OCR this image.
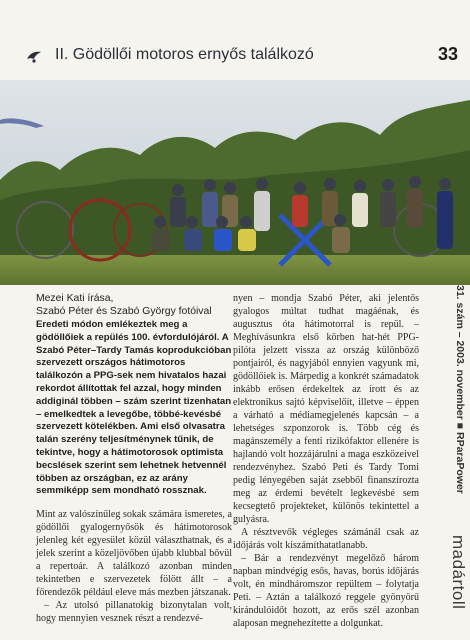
II. Gödöllői motoros ernyős találkozó	33
Mezei Kati írása,
Szabó Péter és Szabó György fotóival
Eredeti módon emlékeztek meg a gödöllőiek a repülés 100. évfordulójáról. A Szabó Péter–Tardy Tamás koprodukcióban szervezett országos hátimotoros találkozón a PPG-sek nem hivatalos hazai rekordot állítottak fel azzal, hogy minden addiginál többen – szám szerint tizenhatan – emelkedtek a levegőbe, többé-kevésbé szervezett kötelékben. Ami első olvasatra talán szerény teljesítménynek tűnik, de tekintve, hogy a hátimotorosok optimista becslések szerint sem lehetnek hetvennél többen az országban, ez az arány semmiképp sem mondható rossznak.

Mint az valószínűleg sokak számára ismeretes, a gödöllői gyalogernyősök és hátimotorosok jelenleg két egyesület közül választhatnak, és a jelek szerint a közeljövőben újabb klubbal bővül a repertoár. A találkozó azonban minden tekintetben e szervezetek fölött állt – a főrendezők például eleve más mezben játszanak.

– Az utolsó pillanatokig bizonytalan volt, hogy mennyien vesznek részt a rendezvé-

nyen – mondja Szabó Péter, aki jelentős gyalogos múltat tudhat magáénak, és augusztus óta hátimotorral is repül. – Meghívásunkra első körben hat-hét PPG-pilóta jelzett vissza az ország különböző pontjairól, és nagyjából ennyien vagyunk mi, gödöllőiek is. Márpedig a konkrét számadatok inkább erősen érdekeltek az írott és az elektronikus sajtó képviselőit, illetve – éppen a várható a médiamegjelenés kapcsán – a lehetséges szponzorok is. Több cég és magánszemély a fenti rizikófaktor ellenére is hajlandó volt hozzájárulni a maga eszközeivel rendezvényhez. Szabó Peti és Tardy Tomi pedig lényegében saját zsebből finanszírozta meg az érdemi bevételt legkevésbé sem kecsegtető projekteket, különös tekintettel a gulyásra.

A résztvevők végleges számánál csak az időjárás volt kiszámíthatatlanabb.

– Bár a rendezvényt megelőző három napban mindvégig esős, havas, borús időjárás volt, én mindháromszor repültem – folytatja Peti. – Aztán a találkozó reggele gyönyörű kirándulóidőt hozott, az erős szél azonban alaposan megnehezítette a dolgunkat.

31. szám – 2003. november ■ RParaPower
madártoll
